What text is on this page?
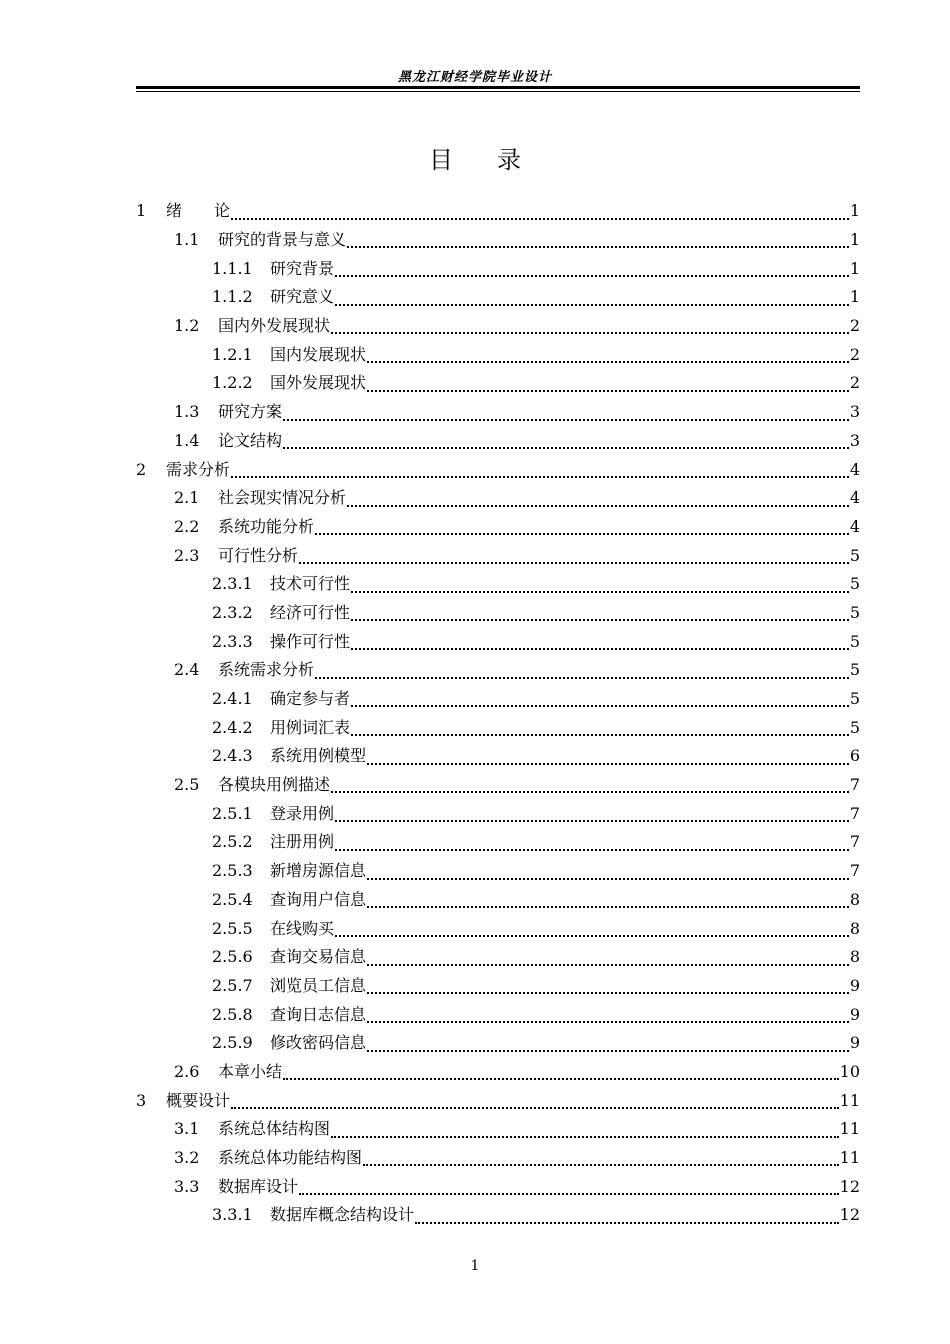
黑龙江财经学院毕业设计
目录
1	绪　　论	1
1.1	研究的背景与意义	1
1.1.1	研究背景	1
1.1.2	研究意义	1
1.2	国内外发展现状	2
1.2.1	国内发展现状	2
1.2.2	国外发展现状	2
1.3	研究方案	3
1.4	论文结构	3
2	需求分析	4
2.1	社会现实情况分析	4
2.2	系统功能分析	4
2.3	可行性分析	5
2.3.1	技术可行性	5
2.3.2	经济可行性	5
2.3.3	操作可行性	5
2.4	系统需求分析	5
2.4.1	确定参与者	5
2.4.2	用例词汇表	5
2.4.3	系统用例模型	6
2.5	各模块用例描述	7
2.5.1	登录用例	7
2.5.2	注册用例	7
2.5.3	新增房源信息	7
2.5.4	查询用户信息	8
2.5.5	在线购买	8
2.5.6	查询交易信息	8
2.5.7	浏览员工信息	9
2.5.8	查询日志信息	9
2.5.9	修改密码信息	9
2.6	本章小结	10
3	概要设计	11
3.1	系统总体结构图	11
3.2	系统总体功能结构图	11
3.3	数据库设计	12
3.3.1	数据库概念结构设计	12
1
